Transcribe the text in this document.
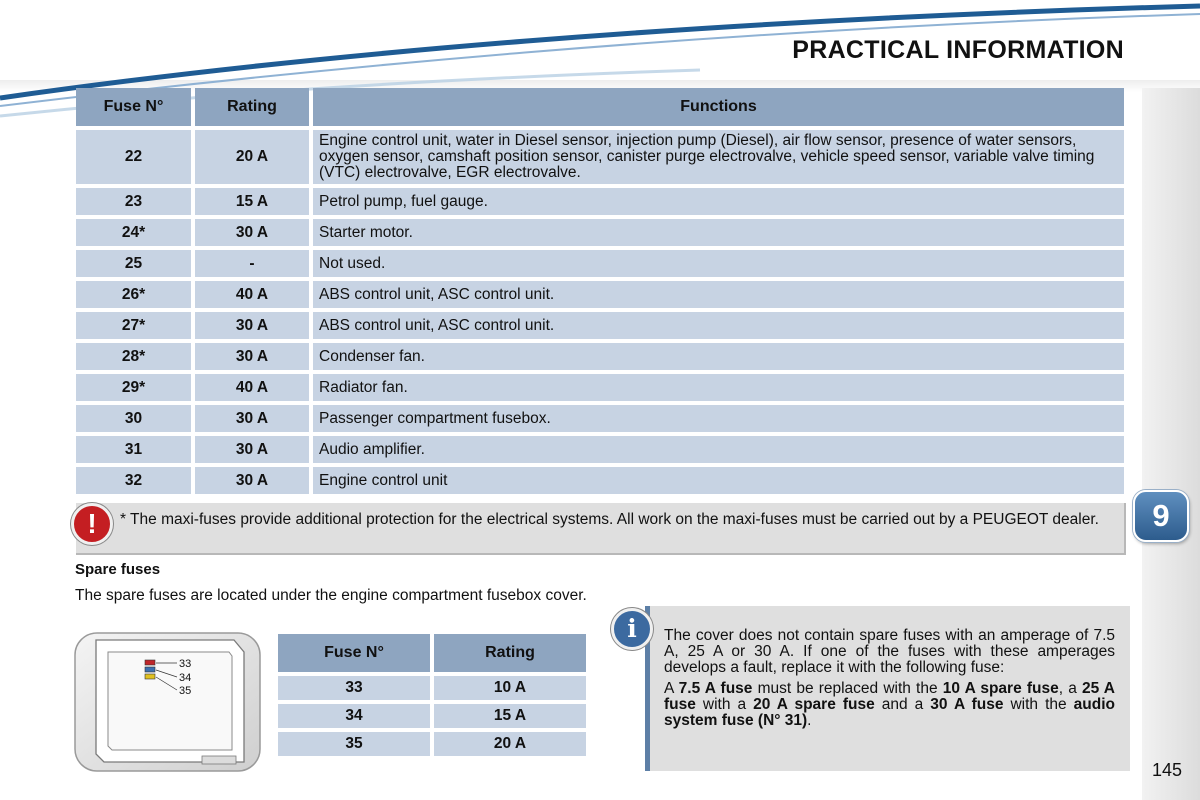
PRACTICAL INFORMATION
9
145
Fuse N°	Rating	Functions
22	20 A	Engine control unit, water in Diesel sensor, injection pump (Diesel), air flow sensor, presence of water sensors, oxygen sensor, camshaft position sensor, canister purge electrovalve, vehicle speed sensor, variable valve timing (VTC) electrovalve, EGR electrovalve.
23	15 A	Petrol pump, fuel gauge.
24*	30 A	Starter motor.
25	-	Not used.
26*	40 A	ABS control unit, ASC control unit.
27*	30 A	ABS control unit, ASC control unit.
28*	30 A	Condenser fan.
29*	40 A	Radiator fan.
30	30 A	Passenger compartment fusebox.
31	30 A	Audio amplifier.
32	30 A	Engine control unit
!	* The maxi-fuses provide additional protection for the electrical systems. All work on the maxi-fuses must be carried out by a PEUGEOT dealer.
Spare fuses
The spare fuses are located under the engine compartment fusebox cover.
33
34
35
Fuse N°	Rating
33	10 A
34	15 A
35	20 A
i	The cover does not contain spare fuses with an amperage of 7.5 A, 25 A or 30 A. If one of the fuses with these amperages develops a fault, replace it with the following fuse:

A 7.5 A fuse must be replaced with the 10 A spare fuse, a 25 A fuse with a 20 A spare fuse and a 30 A fuse with the audio system fuse (N° 31).
